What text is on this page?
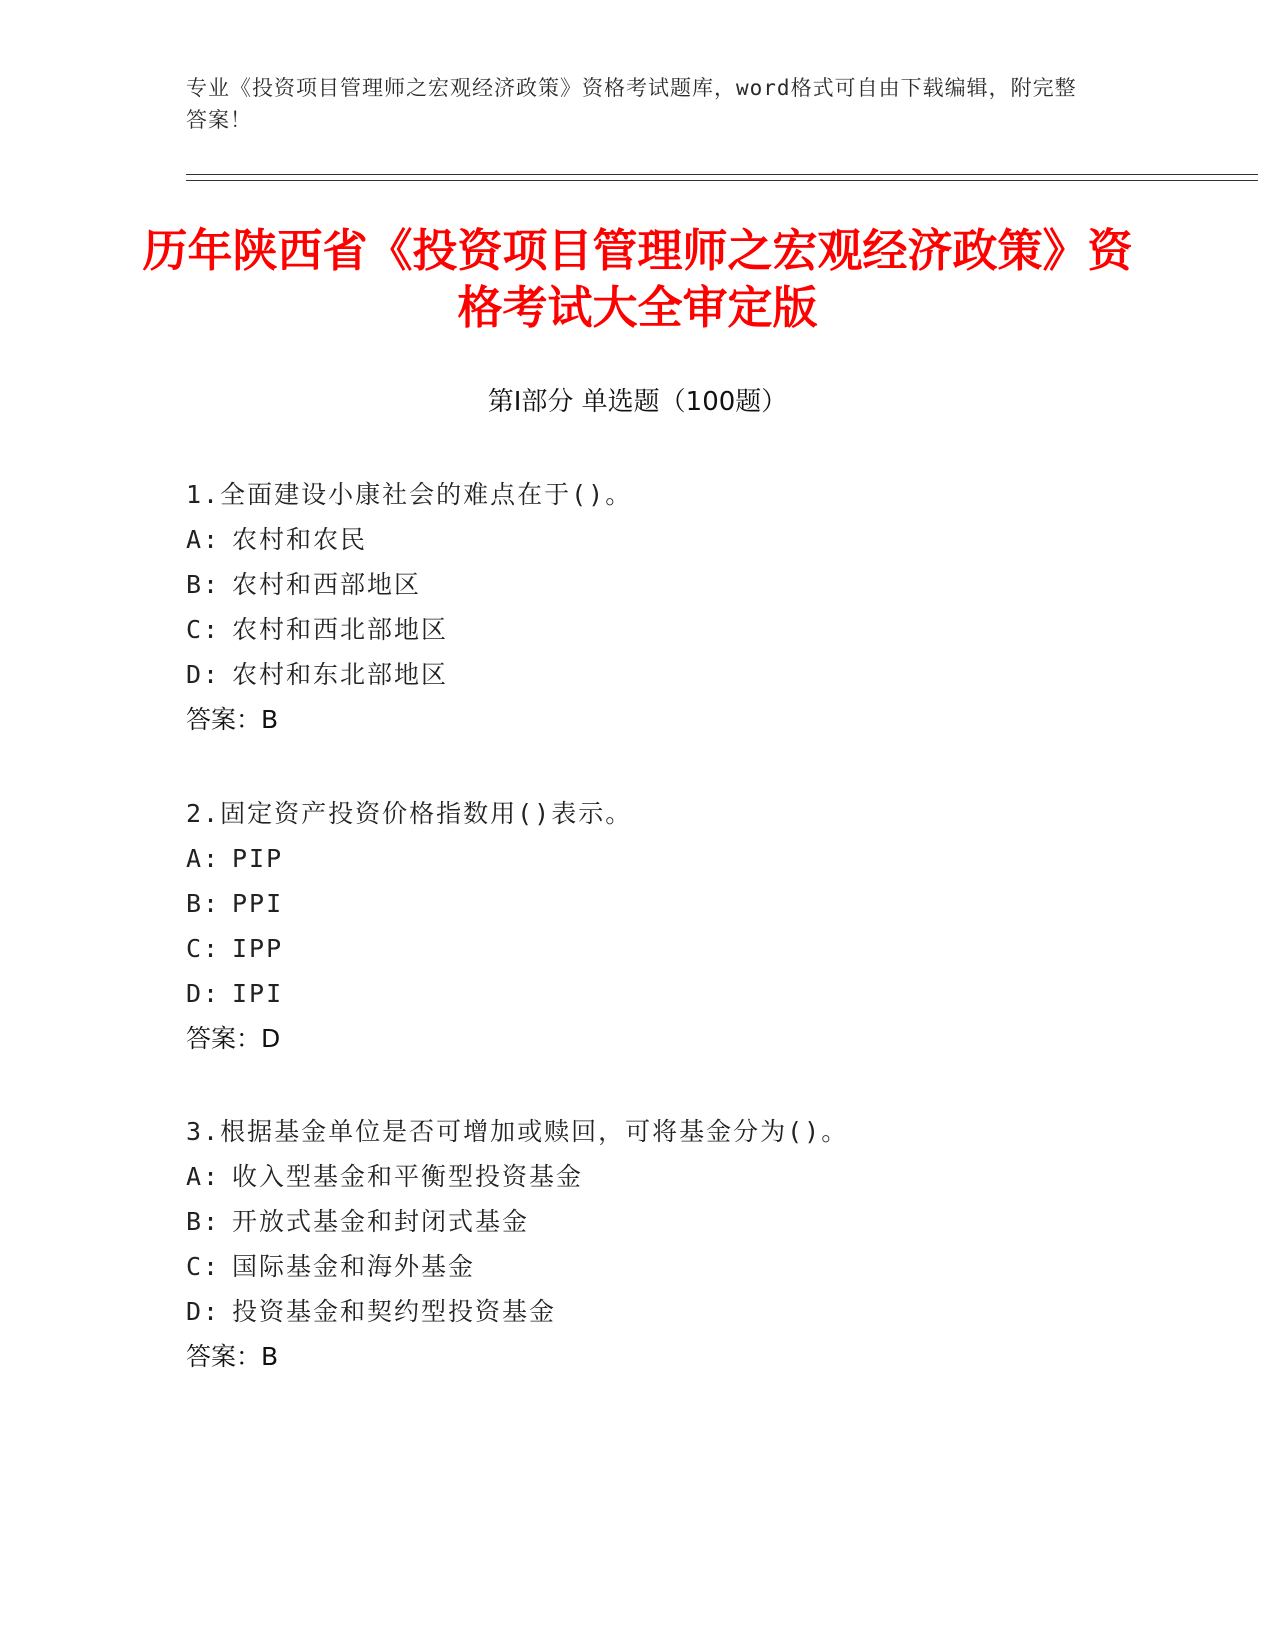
专业《投资项目管理师之宏观经济政策》资格考试题库，word格式可自由下载编辑，附完整答案！
历年陕西省《投资项目管理师之宏观经济政策》资格考试大全审定版
第Ⅰ部分 单选题（100题）
1.全面建设小康社会的难点在于()。
A: 农村和农民
B: 农村和西部地区
C: 农村和西北部地区
D: 农村和东北部地区
答案：B
2.固定资产投资价格指数用()表示。
A: PIP
B: PPI
C: IPP
D: IPI
答案：D
3.根据基金单位是否可增加或赎回，可将基金分为()。
A: 收入型基金和平衡型投资基金
B: 开放式基金和封闭式基金
C: 国际基金和海外基金
D: 投资基金和契约型投资基金
答案：B
